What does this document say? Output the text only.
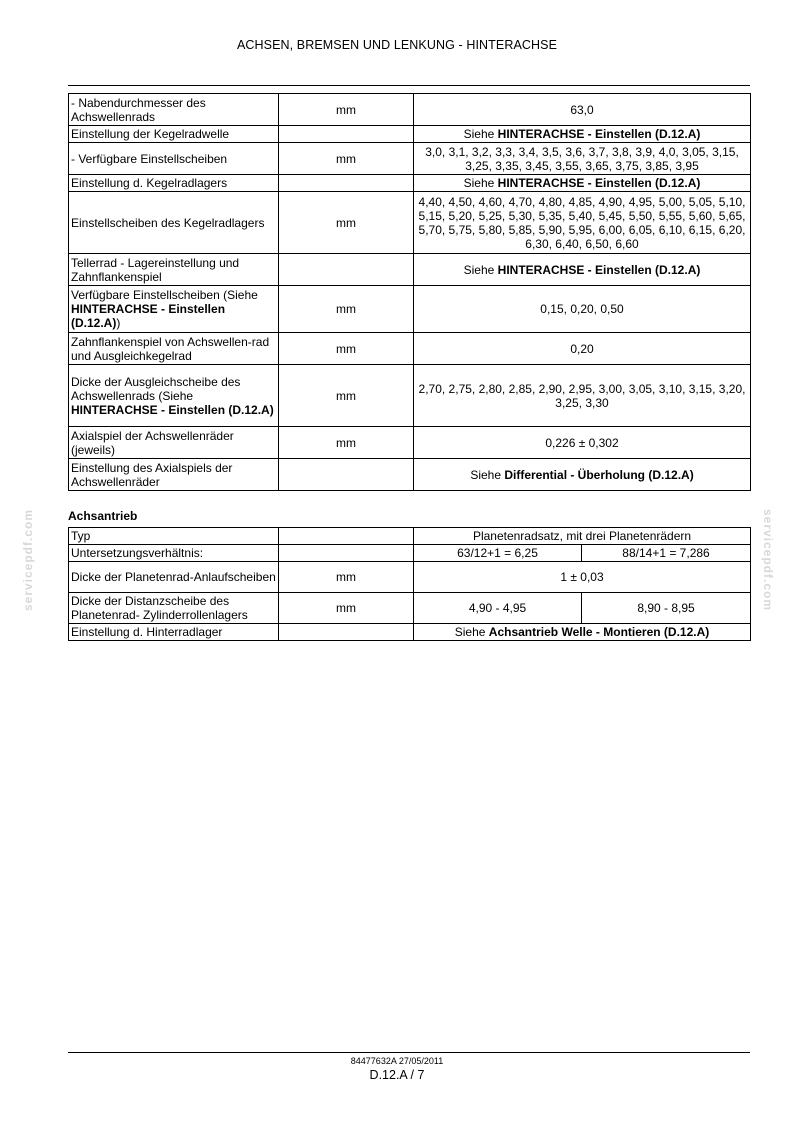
ACHSEN, BREMSEN UND LENKUNG - HINTERACHSE
servicepdf.com	servicepdf.com
- Nabendurchmesser des Achswellenrads	mm	63,0
Einstellung der Kegelradwelle		Siehe HINTERACHSE - Einstellen (D.12.A)
- Verfügbare Einstellscheiben	mm	3,0, 3,1, 3,2, 3,3, 3,4, 3,5, 3,6, 3,7, 3,8, 3,9, 4,0, 3,05, 3,15, 3,25, 3,35, 3,45, 3,55, 3,65, 3,75, 3,85, 3,95
Einstellung d. Kegelradlagers		Siehe HINTERACHSE - Einstellen (D.12.A)
Einstellscheiben des Kegelradlagers	mm	4,40, 4,50, 4,60, 4,70, 4,80, 4,85, 4,90, 4,95, 5,00, 5,05, 5,10, 5,15, 5,20, 5,25, 5,30, 5,35, 5,40, 5,45, 5,50, 5,55, 5,60, 5,65, 5,70, 5,75, 5,80, 5,85, 5,90, 5,95, 6,00, 6,05, 6,10, 6,15, 6,20, 6,30, 6,40, 6,50, 6,60
Tellerrad - Lagereinstellung und Zahnflankenspiel		Siehe HINTERACHSE - Einstellen (D.12.A)
Verfügbare Einstellscheiben (Siehe HINTERACHSE - Einstellen (D.12.A))	mm	0,15, 0,20, 0,50
Zahnflankenspiel von Achswellen-rad und Ausgleichkegelrad	mm	0,20
Dicke der Ausgleichscheibe des Achswellenrads (Siehe HINTERACHSE - Einstellen (D.12.A)	mm	2,70, 2,75, 2,80, 2,85, 2,90, 2,95, 3,00, 3,05, 3,10, 3,15, 3,20, 3,25, 3,30
Axialspiel der Achswellenräder (jeweils)	mm	0,226 ± 0,302
Einstellung des Axialspiels der Achswellenräder		Siehe Differential - Überholung (D.12.A)
Achsantrieb
Typ		Planetenradsatz, mit drei Planetenrädern	
Untersetzungsverhältnis:		63/12+1 = 6,25	88/14+1 = 7,286
Dicke der Planetenrad-Anlaufscheiben	mm	1 ± 0,03	
Dicke der Distanzscheibe des Planetenrad- Zylinderrollenlagers	mm	4,90 - 4,95	8,90 - 8,95
Einstellung d. Hinterradlager		Siehe Achsantrieb Welle - Montieren (D.12.A)	
84477632A 27/05/2011
D.12.A / 7
